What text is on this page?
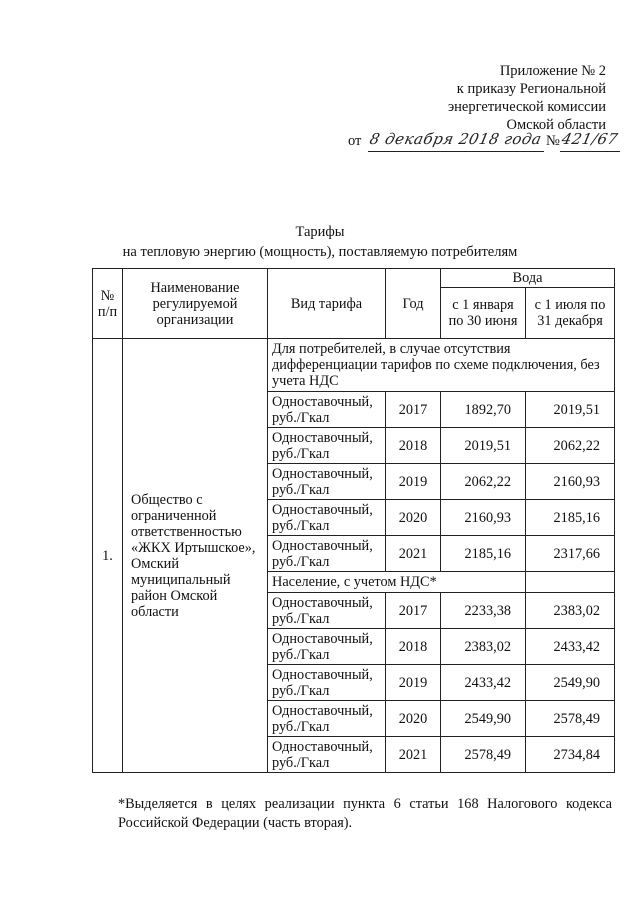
Приложение № 2
к приказу Региональной
энергетической комиссии
Омской области
от 8 декабря 2018 года № 421/67
Тарифы
на тепловую энергию (мощность), поставляемую потребителям
№ п/п	Наименование регулируемой организации	Вид тарифа	Год	Вода	
				с 1 января по 30 июня	с 1 июля по 31 декабря
1.	Общество с ограниченной ответственностью «ЖКХ Иртышское», Омский муниципальный район Омской области	Для потребителей, в случае отсутствия дифференциации тарифов по схеме подключения, без учета НДС			
		Одноставочный, руб./Гкал	2017	1892,70	2019,51
		Одноставочный, руб./Гкал	2018	2019,51	2062,22
		Одноставочный, руб./Гкал	2019	2062,22	2160,93
		Одноставочный, руб./Гкал	2020	2160,93	2185,16
		Одноставочный, руб./Гкал	2021	2185,16	2317,66
		Население, с учетом НДС*			
		Одноставочный, руб./Гкал	2017	2233,38	2383,02
		Одноставочный, руб./Гкал	2018	2383,02	2433,42
		Одноставочный, руб./Гкал	2019	2433,42	2549,90
		Одноставочный, руб./Гкал	2020	2549,90	2578,49
		Одноставочный, руб./Гкал	2021	2578,49	2734,84
*Выделяется в целях реализации пункта 6 статьи 168 Налогового кодекса Российской Федерации (часть вторая).
